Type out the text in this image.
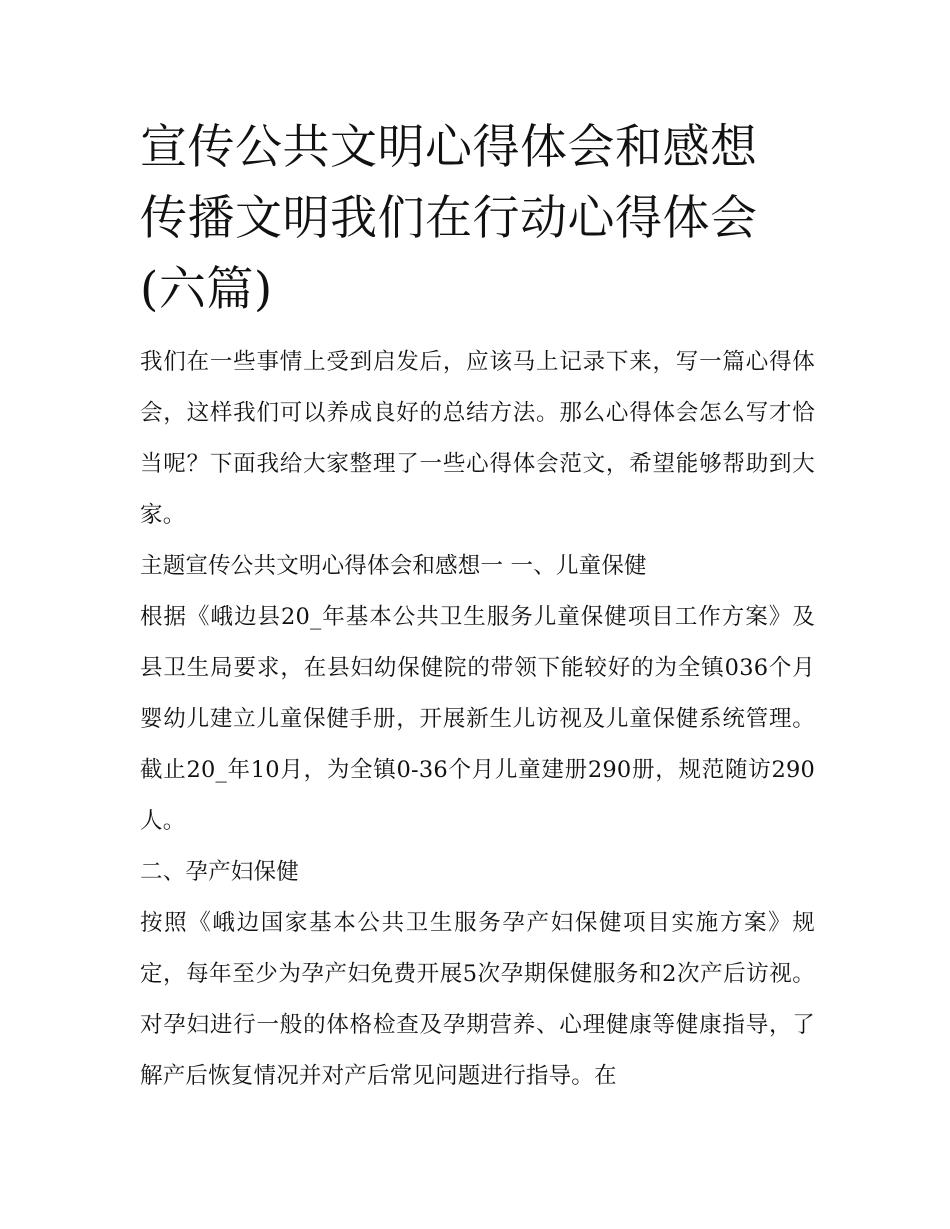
宣传公共文明心得体会和感想
传播文明我们在行动心得体会
(六篇)

我们在一些事情上受到启发后，应该马上记录下来，写一篇心得体会，这样我们可以养成良好的总结方法。那么心得体会怎么写才恰当呢？下面我给大家整理了一些心得体会范文，希望能够帮助到大家。

主题宣传公共文明心得体会和感想一 一、儿童保健

根据《峨边县20_年基本公共卫生服务儿童保健项目工作方案》及县卫生局要求，在县妇幼保健院的带领下能较好的为全镇036个月婴幼儿建立儿童保健手册，开展新生儿访视及儿童保健系统管理。截止20_年10月，为全镇0-36个月儿童建册290册，规范随访290人。

二、孕产妇保健

按照《峨边国家基本公共卫生服务孕产妇保健项目实施方案》规定，每年至少为孕产妇免费开展5次孕期保健服务和2次产后访视。对孕妇进行一般的体格检查及孕期营养、心理健康等健康指导，了解产后恢复情况并对产后常见问题进行指导。在
